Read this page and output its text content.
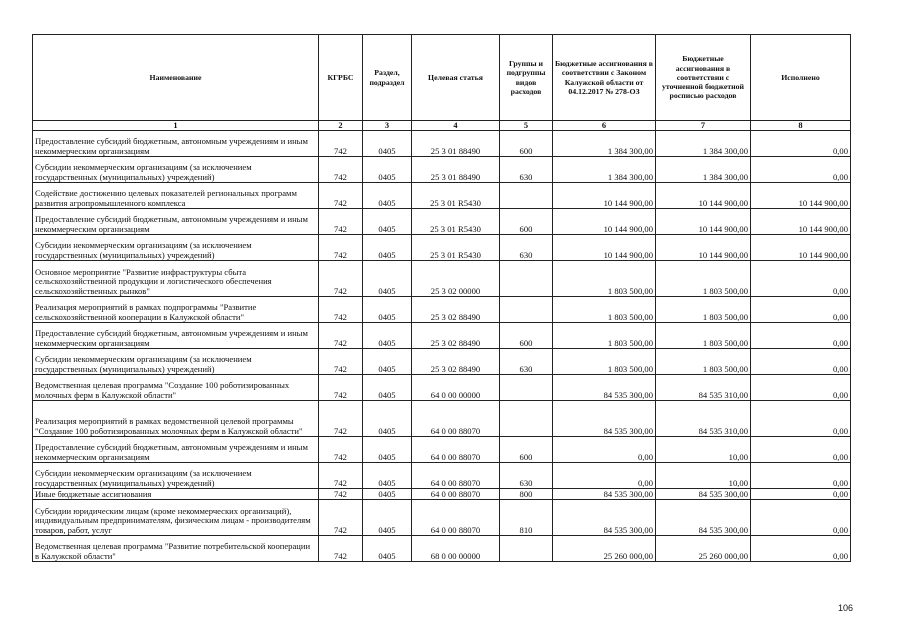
Наименование	КГРБС	Раздел, подраздел	Целевая статья	Группы и подгруппы видов расходов	Бюджетные ассигнования в соответствии с Законом Калужской области от 04.12.2017 № 278-ОЗ	Бюджетные ассигнования в соответствии с уточненной бюджетной росписью расходов	Исполнено
1	2	3	4	5	6	7	8
Предоставление субсидий бюджетным, автономным учреждениям и иным некоммерческим организациям	742	0405	25 3 01 88490	600	1 384 300,00	1 384 300,00	0,00
Субсидии некоммерческим организациям (за исключением государственных (муниципальных) учреждений)	742	0405	25 3 01 88490	630	1 384 300,00	1 384 300,00	0,00
Содействие достижению целевых показателей региональных программ развития агропромышленного комплекса	742	0405	25 3 01 R5430		10 144 900,00	10 144 900,00	10 144 900,00
Предоставление субсидий бюджетным, автономным учреждениям и иным некоммерческим организациям	742	0405	25 3 01 R5430	600	10 144 900,00	10 144 900,00	10 144 900,00
Субсидии некоммерческим организациям (за исключением государственных (муниципальных) учреждений)	742	0405	25 3 01 R5430	630	10 144 900,00	10 144 900,00	10 144 900,00
Основное мероприятие "Развитие инфраструктуры сбыта сельскохозяйственной продукции и логистического обеспечения сельскохозяйственных рынков"	742	0405	25 3 02 00000		1 803 500,00	1 803 500,00	0,00
Реализация мероприятий в рамках подпрограммы "Развитие сельскохозяйственной кооперации в Калужской области"	742	0405	25 3 02 88490		1 803 500,00	1 803 500,00	0,00
Предоставление субсидий бюджетным, автономным учреждениям и иным некоммерческим организациям	742	0405	25 3 02 88490	600	1 803 500,00	1 803 500,00	0,00
Субсидии некоммерческим организациям (за исключением государственных (муниципальных) учреждений)	742	0405	25 3 02 88490	630	1 803 500,00	1 803 500,00	0,00
Ведомственная целевая программа "Создание 100 роботизированных молочных ферм в Калужской области"	742	0405	64 0 00 00000		84 535 300,00	84 535 310,00	0,00
Реализация мероприятий в рамках ведомственной целевой программы "Создание 100 роботизированных молочных ферм в Калужской области"	742	0405	64 0 00 88070		84 535 300,00	84 535 310,00	0,00
Предоставление субсидий бюджетным, автономным учреждениям и иным некоммерческим организациям	742	0405	64 0 00 88070	600	0,00	10,00	0,00
Субсидии некоммерческим организациям (за исключением государственных (муниципальных) учреждений)	742	0405	64 0 00 88070	630	0,00	10,00	0,00
Иные бюджетные ассигнования	742	0405	64 0 00 88070	800	84 535 300,00	84 535 300,00	0,00
Субсидии юридическим лицам (кроме некоммерческих организаций), индивидуальным предпринимателям, физическим лицам - производителям товаров, работ, услуг	742	0405	64 0 00 88070	810	84 535 300,00	84 535 300,00	0,00
Ведомственная целевая программа "Развитие потребительской кооперации в Калужской области"	742	0405	68 0 00 00000		25 260 000,00	25 260 000,00	0,00
106
